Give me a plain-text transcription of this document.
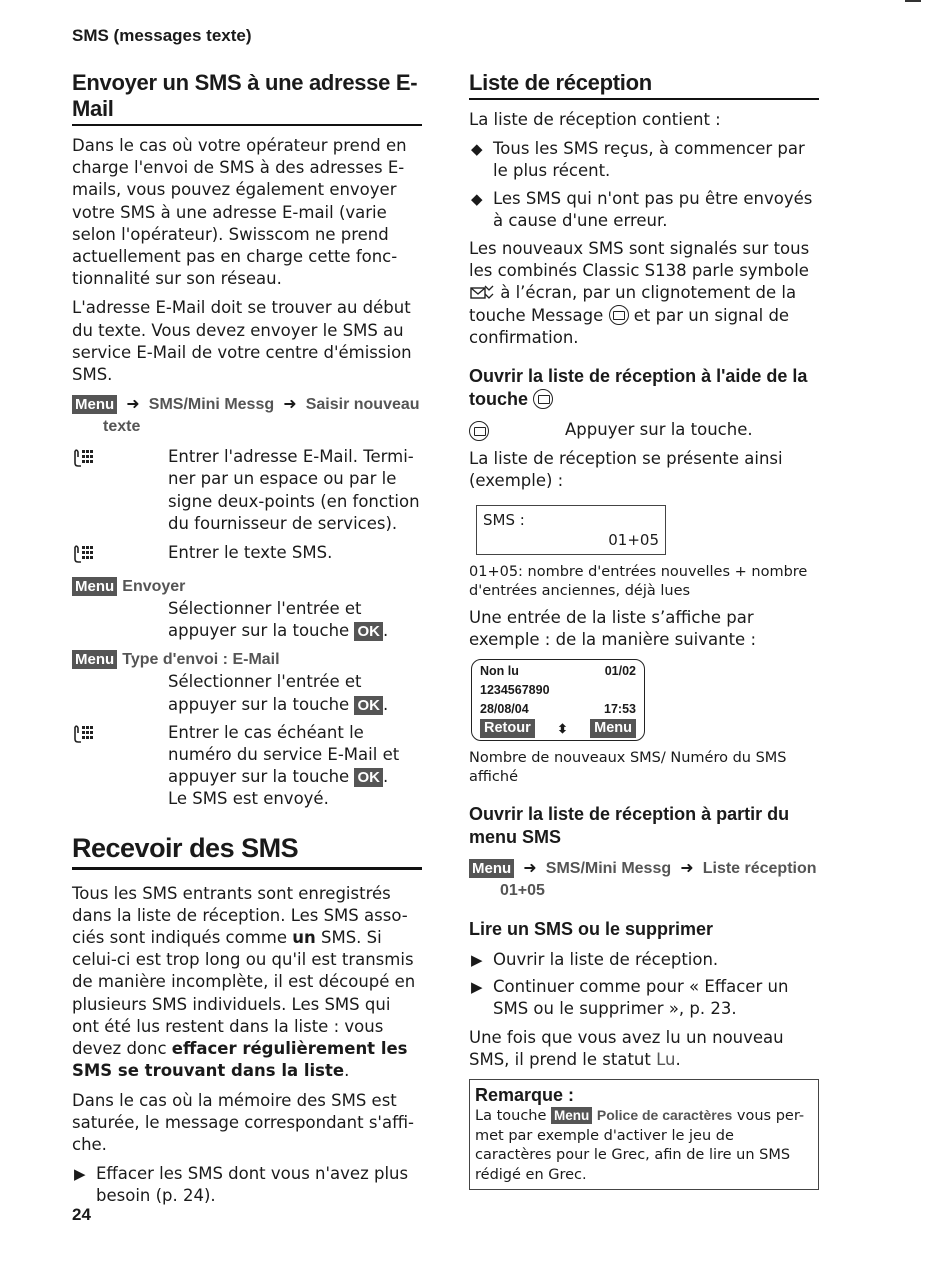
SMS (messages texte)
Envoyer un SMS à une adresse E-Mail

Dans le cas où votre opérateur prend en charge l'envoi de SMS à des adresses E-mails, vous pouvez également envoyer votre SMS à une adresse E-mail (varie selon l'opérateur). Swisscom ne prend actuellement pas en charge cette fonc-tionnalité sur son réseau.

L'adresse E-Mail doit se trouver au début du texte. Vous devez envoyer le SMS au service E-Mail de votre centre d'émission SMS.

Menu ➜ SMS/Mini Messg ➜ Saisir nouveau
texte
Entrer l'adresse E-Mail. Termi-ner par un espace ou par le signe deux-points (en fonction du fournisseur de services).
Entrer le texte SMS.
Menu Envoyer
Sélectionner l'entrée et appuyer sur la touche OK .
Menu Type d'envoi : E-Mail
Sélectionner l'entrée et appuyer sur la touche OK .
Entrer le cas échéant le numéro du service E-Mail et appuyer sur la touche OK .
Le SMS est envoyé.
Recevoir des SMS

Tous les SMS entrants sont enregistrés dans la liste de réception. Les SMS asso-ciés sont indiqués comme un SMS. Si celui-ci est trop long ou qu'il est transmis de manière incomplète, il est découpé en plusieurs SMS individuels. Les SMS qui ont été lus restent dans la liste : vous devez donc effacer régulièrement les SMS se trouvant dans la liste.

Dans le cas où la mémoire des SMS est saturée, le message correspondant s'affi-che.

▶ Effacer les SMS dont vous n'avez plus besoin (p. 24).
Liste de réception

La liste de réception contient :

◆ Tous les SMS reçus, à commencer par le plus récent.
◆ Les SMS qui n'ont pas pu être envoyés à cause d'une erreur.

Les nouveaux SMS sont signalés sur tous les combinés Classic S138 parle symbole  à l’écran, par un clignotement de la touche Message  et par un signal de confirmation.

Ouvrir la liste de réception à l'aide de la touche
Appuyer sur la touche.

La liste de réception se présente ainsi (exemple) :

SMS :
01+05

01+05: nombre d'entrées nouvelles + nombre d'entrées anciennes, déjà lues

Une entrée de la liste s’affiche par exemple : de la manière suivante :

Non lu	01/02
1234567890
28/08/04	17:53
Retour	⬍ Menu

Nombre de nouveaux SMS/ Numéro du SMS affiché

Ouvrir la liste de réception à partir du menu SMS
Menu ➜ SMS/Mini Messg ➜ Liste réception
01+05
Lire un SMS ou le supprimer
▶ Ouvrir la liste de réception.
▶ Continuer comme pour « Effacer un SMS ou le supprimer », p. 23.

Une fois que vous avez lu un nouveau SMS, il prend le statut Lu.

Remarque :
La touche Menu Police de caractères vous per-met par exemple d'activer le jeu de caractères pour le Grec, afin de lire un SMS rédigé en Grec.
24
